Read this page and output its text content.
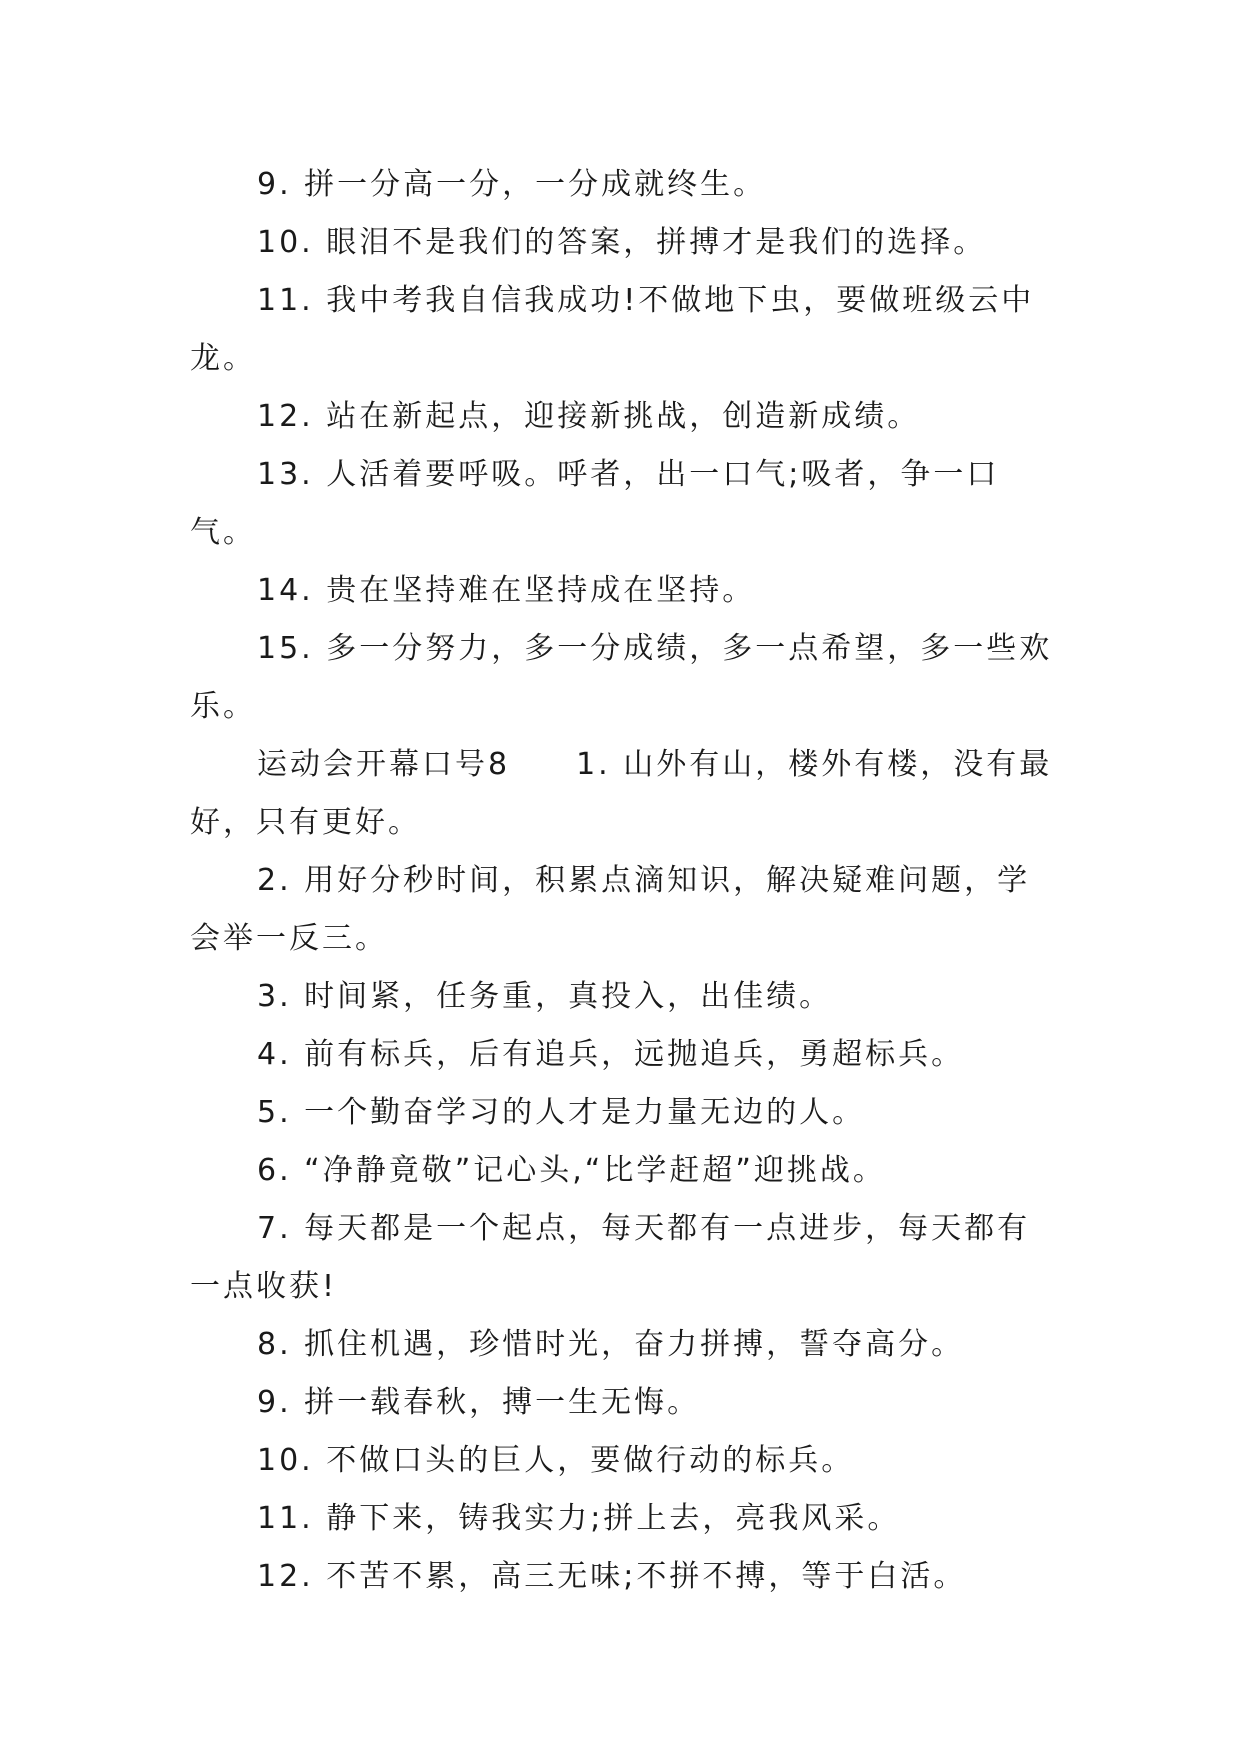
9. 拼一分高一分，一分成就终生。

10. 眼泪不是我们的答案，拼搏才是我们的选择。

11. 我中考我自信我成功!不做地下虫，要做班级云中龙。

12. 站在新起点，迎接新挑战，创造新成绩。

13. 人活着要呼吸。呼者，出一口气;吸者，争一口气。

14. 贵在坚持难在坚持成在坚持。

15. 多一分努力，多一分成绩，多一点希望，多一些欢乐。

运动会开幕口号8　　1. 山外有山，楼外有楼，没有最好，只有更好。

2. 用好分秒时间，积累点滴知识，解决疑难问题，学会举一反三。

3. 时间紧，任务重，真投入，出佳绩。

4. 前有标兵，后有追兵，远抛追兵，勇超标兵。

5. 一个勤奋学习的人才是力量无边的人。

6. “净静竟敬”记心头,“比学赶超”迎挑战。

7. 每天都是一个起点，每天都有一点进步，每天都有一点收获!

8. 抓住机遇，珍惜时光，奋力拼搏，誓夺高分。

9. 拼一载春秋，搏一生无悔。

10. 不做口头的巨人，要做行动的标兵。

11. 静下来，铸我实力;拼上去，亮我风采。

12. 不苦不累，高三无味;不拼不搏，等于白活。
